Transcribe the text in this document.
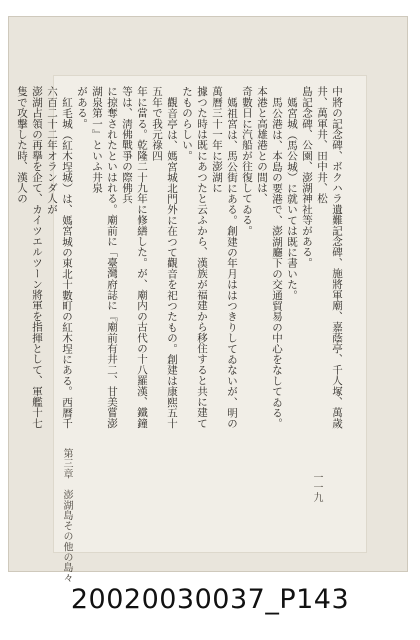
中將の記念碑、ボクハラ遺難記念碑、施將軍廟、嘉蔭亭、千人塚、萬歲井、萬軍井、田中井、松

島記念碑、公園、澎湖神社等がある。

媽宮城（馬公城）に就いては既に書いた。

馬公港は、本島の要港で、澎湖廳下の交通貿易の中心をなしてゐる。本港と高雄港との間は、

奇數日に汽船が往復してゐる。

媽祖宮は、馬公街にある。創建の年月ははつきりしてゐないが、明の萬曆三十一年に澎湖に

據つた時は既にあつたと云ふから、漢族が福建から移住すると共に建てたものらしい。

觀音亭は、媽宮城北門外に在つて觀音を祀つたもの。創建は康熙五十五年で我元祿四

年に當る。乾隆二十九年に修繕した。が、廟内の古代の十八羅漢、鐵鐘等は、淸佛戰爭の際佛兵

に掠奪されたといはれる。廟前に「臺灣府誌に『廟前有井二、甘美嘗澎湖泉第一』といふ井泉

がある。

紅毛城（紅木埕城）は、媽宮城の東北十數町の紅木埕にある。西曆千六百二十二年オランダ人が

澎湖占領の再擧を企て、カイツエルツーン將軍を指揮として、軍艦十七隻で攻擊した時、漢人の

一一九
第三章　澎湖島その他の島々
20020030037_P143
